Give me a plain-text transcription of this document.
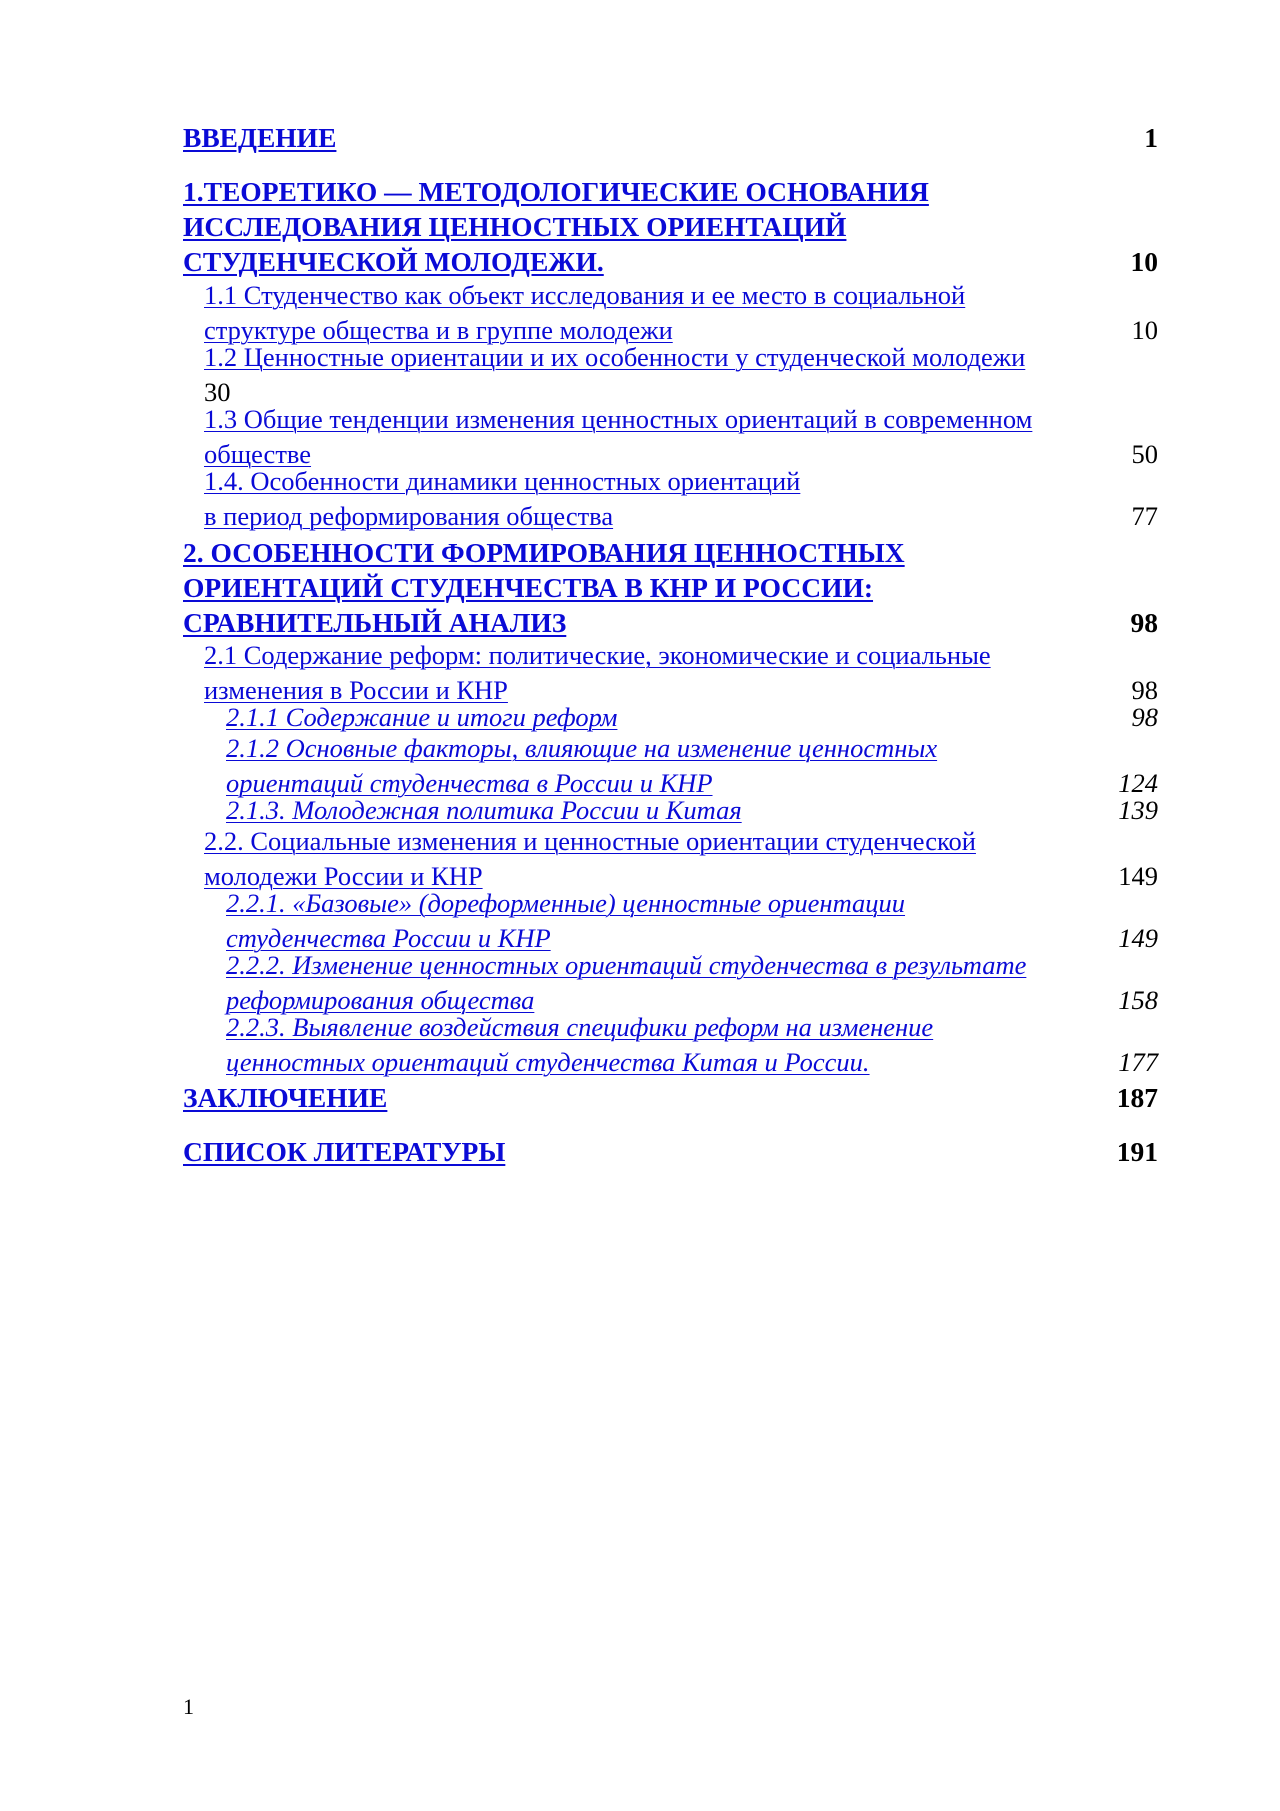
ВВЕДЕНИЕ	1
1.ТЕОРЕТИКО — МЕТОДОЛОГИЧЕСКИЕ ОСНОВАНИЯ
ИССЛЕДОВАНИЯ ЦЕННОСТНЫХ ОРИЕНТАЦИЙ
СТУДЕНЧЕСКОЙ МОЛОДЕЖИ.	10
1.1 Студенчество как объект исследования и ее место в социальной
структуре общества и в группе молодежи	10
1.2 Ценностные ориентации и их особенности у студенческой молодежи
30
1.3 Общие тенденции изменения ценностных ориентаций в современном
обществе	50
1.4. Особенности динамики ценностных ориентаций
в период реформирования общества	77
2. ОСОБЕННОСТИ ФОРМИРОВАНИЯ ЦЕННОСТНЫХ
ОРИЕНТАЦИЙ СТУДЕНЧЕСТВА В КНР И РОССИИ:
СРАВНИТЕЛЬНЫЙ АНАЛИЗ	98
2.1 Содержание реформ: политические, экономические и социальные
изменения в России и КНР	98
2.1.1 Содержание и итоги реформ	98
2.1.2 Основные факторы, влияющие на изменение ценностных
ориентаций студенчества в России и КНР	124
2.1.3. Молодежная политика России и Китая	139
2.2. Социальные изменения и ценностные ориентации студенческой
молодежи России и КНР	149
2.2.1. «Базовые» (дореформенные) ценностные ориентации
студенчества России и КНР	149
2.2.2. Изменение ценностных ориентаций студенчества в результате
реформирования общества	158
2.2.3. Выявление воздействия специфики реформ на изменение
ценностных ориентаций студенчества Китая и России.	177
ЗАКЛЮЧЕНИЕ	187
СПИСОК ЛИТЕРАТУРЫ	191
1
